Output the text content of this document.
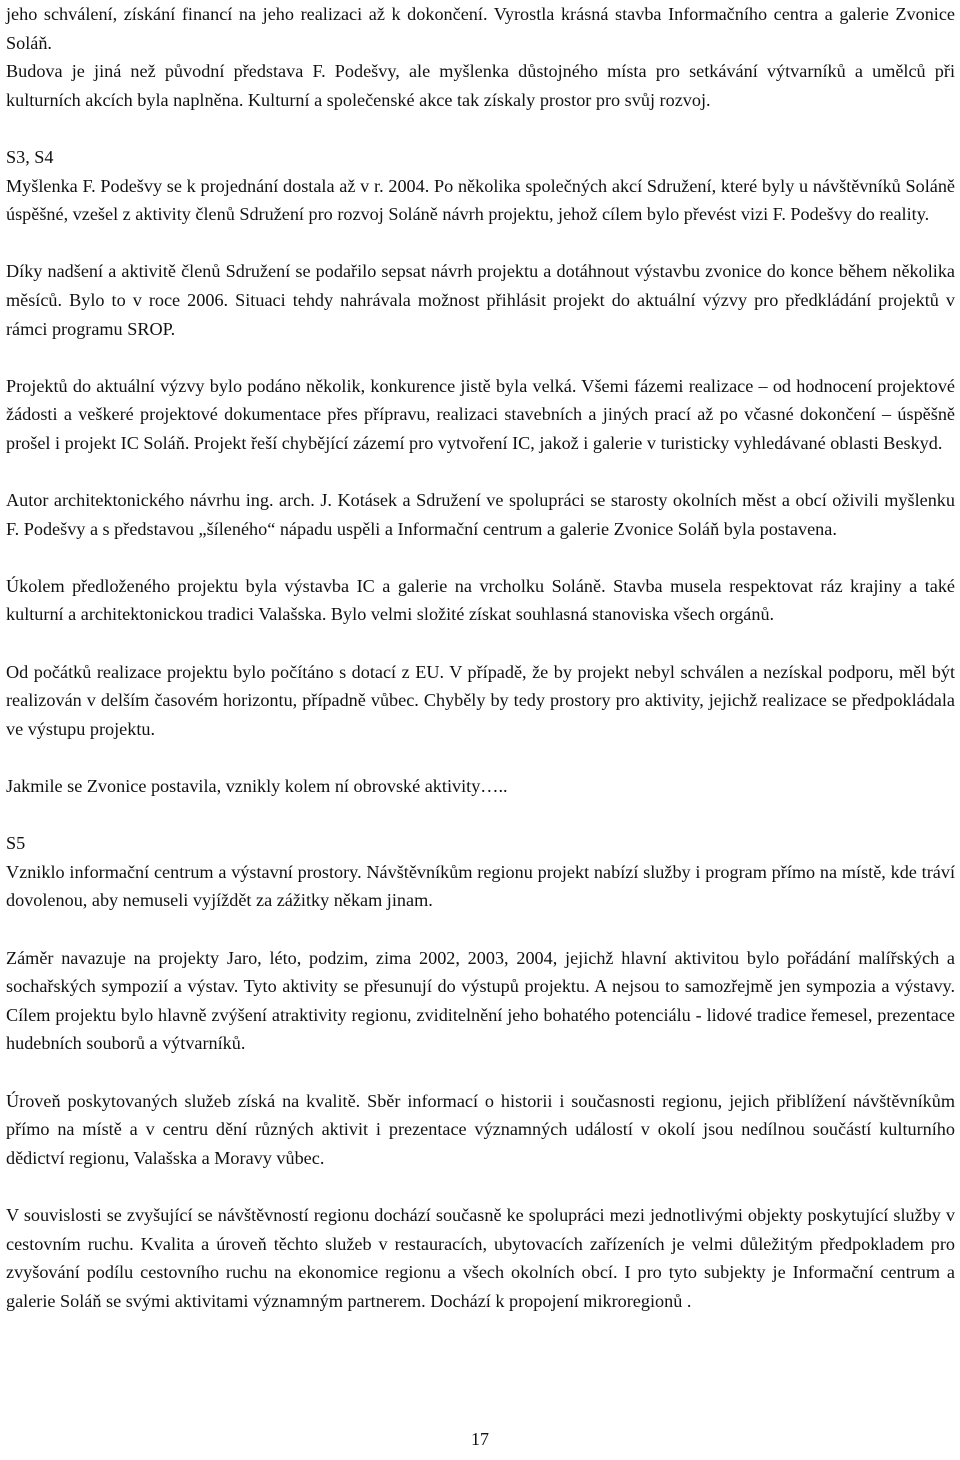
jeho schválení, získání financí na jeho realizaci až k dokončení. Vyrostla krásná stavba Informačního centra a galerie Zvonice Soláň.

Budova je jiná než původní představa F. Podešvy, ale myšlenka důstojného místa pro setkávání výtvarníků a umělců při kulturních akcích byla naplněna. Kulturní a společenské akce tak získaly prostor pro svůj rozvoj.

S3, S4

Myšlenka F. Podešvy se k projednání dostala až v r. 2004. Po několika společných akcí Sdružení, které byly u návštěvníků Soláně úspěšné, vzešel z aktivity členů Sdružení pro rozvoj Soláně návrh projektu, jehož cílem bylo převést vizi F. Podešvy do reality.

Díky nadšení a aktivitě členů Sdružení se podařilo sepsat návrh projektu a dotáhnout výstavbu zvonice do konce během několika měsíců. Bylo to v roce 2006. Situaci tehdy nahrávala možnost přihlásit projekt do aktuální výzvy pro předkládání projektů v rámci programu SROP.

Projektů do aktuální výzvy bylo podáno několik, konkurence jistě byla velká. Všemi fázemi realizace – od hodnocení projektové žádosti a veškeré projektové dokumentace přes přípravu, realizaci stavebních a jiných prací až po včasné dokončení – úspěšně prošel i projekt IC Soláň. Projekt řeší chybějící zázemí pro vytvoření IC, jakož i galerie v turisticky vyhledávané oblasti Beskyd.

Autor architektonického návrhu ing. arch. J. Kotásek a Sdružení ve spolupráci se starosty okolních měst a obcí oživili myšlenku F. Podešvy a s představou „šíleného“ nápadu uspěli a Informační centrum a galerie Zvonice Soláň byla postavena.

Úkolem předloženého projektu byla výstavba IC a galerie na vrcholku Soláně. Stavba musela respektovat ráz krajiny a také kulturní a architektonickou tradici Valašska. Bylo velmi složité získat souhlasná stanoviska všech orgánů.

Od počátků realizace projektu bylo počítáno s dotací z EU. V případě, že by projekt nebyl schválen a nezískal podporu, měl být realizován v delším časovém horizontu, případně vůbec. Chyběly by tedy prostory pro aktivity, jejichž realizace se předpokládala ve výstupu projektu.

Jakmile se Zvonice postavila, vznikly kolem ní obrovské aktivity…..

S5

Vzniklo informační centrum a výstavní prostory. Návštěvníkům regionu projekt nabízí služby i program přímo na místě, kde tráví dovolenou, aby nemuseli vyjíždět za zážitky někam jinam.

Záměr navazuje na projekty Jaro, léto, podzim, zima 2002, 2003, 2004, jejichž hlavní aktivitou bylo pořádání malířských a sochařských sympozií a výstav. Tyto aktivity se přesunují do výstupů projektu. A nejsou to samozřejmě jen sympozia a výstavy. Cílem projektu bylo hlavně zvýšení atraktivity regionu, zviditelnění jeho bohatého potenciálu - lidové tradice řemesel, prezentace hudebních souborů a výtvarníků.

Úroveň poskytovaných služeb získá na kvalitě. Sběr informací o historii i současnosti regionu, jejich přiblížení návštěvníkům přímo na místě a v centru dění různých aktivit i prezentace významných událostí v okolí jsou nedílnou součástí kulturního dědictví regionu, Valašska a Moravy vůbec.

V souvislosti se zvyšující se návštěvností regionu dochází současně ke spolupráci mezi jednotlivými objekty poskytující služby v cestovním ruchu. Kvalita a úroveň těchto služeb v restauracích, ubytovacích zařízeních je velmi důležitým předpokladem pro zvyšování podílu cestovního ruchu na ekonomice regionu a všech okolních obcí. I pro tyto subjekty je Informační centrum a galerie Soláň se svými aktivitami významným partnerem. Dochází k propojení mikroregionů .

17
